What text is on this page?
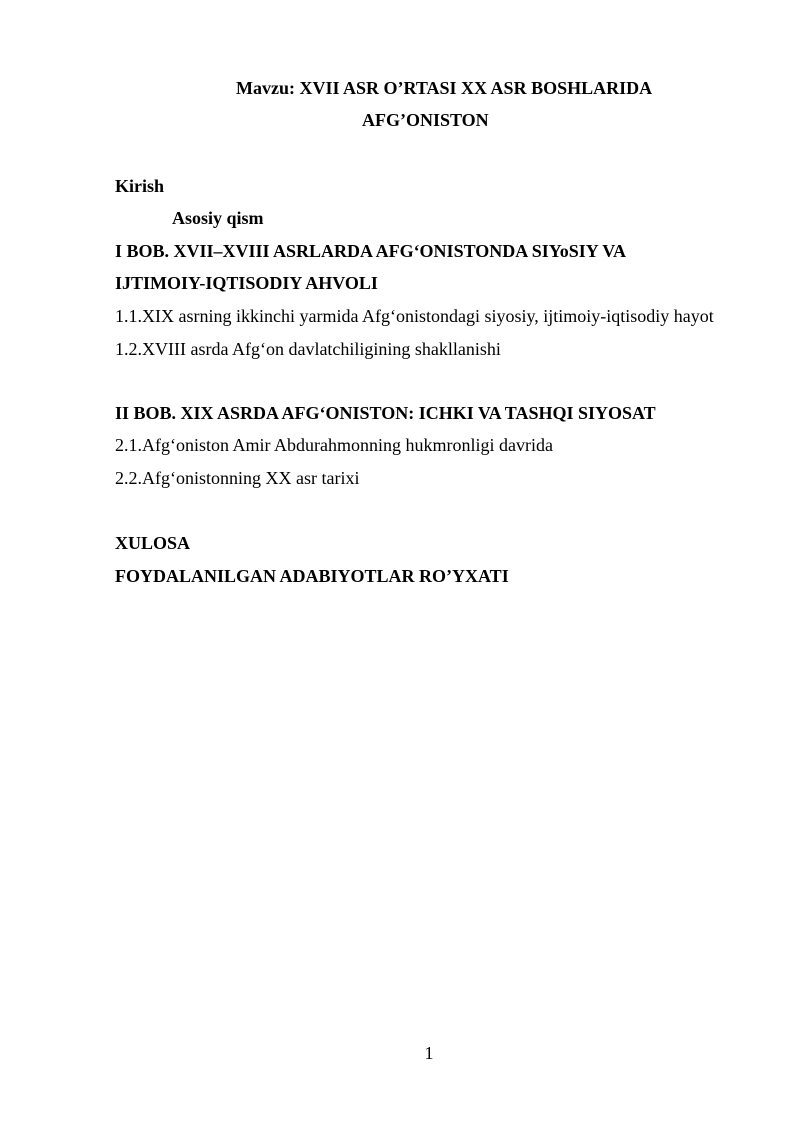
Mavzu: XVII ASR O’RTASI XX ASR BOSHLARIDA
AFG’ONISTON
Kirish
Asosiy qism
I BOB. XVII–XVIII ASRLARDA AFG‘ONISTONDA SIYoSIY VA
IJTIMOIY-IQTISODIY AHVOLI
1.1.XIX asrning ikkinchi yarmida Afg‘onistondagi siyosiy, ijtimoiy-iqtisodiy hayot
1.2.XVIII asrda Afg‘on davlatchiligining shakllanishi
II BOB. XIX ASRDA AFG‘ONISTON: ICHKI VA TASHQI SIYOSAT
2.1.Afg‘oniston Amir Abdurahmonning hukmronligi davrida
2.2.Afg‘onistonning XX asr tarixi
XULOSA
FOYDALANILGAN ADABIYOTLAR RO’YXATI
1
